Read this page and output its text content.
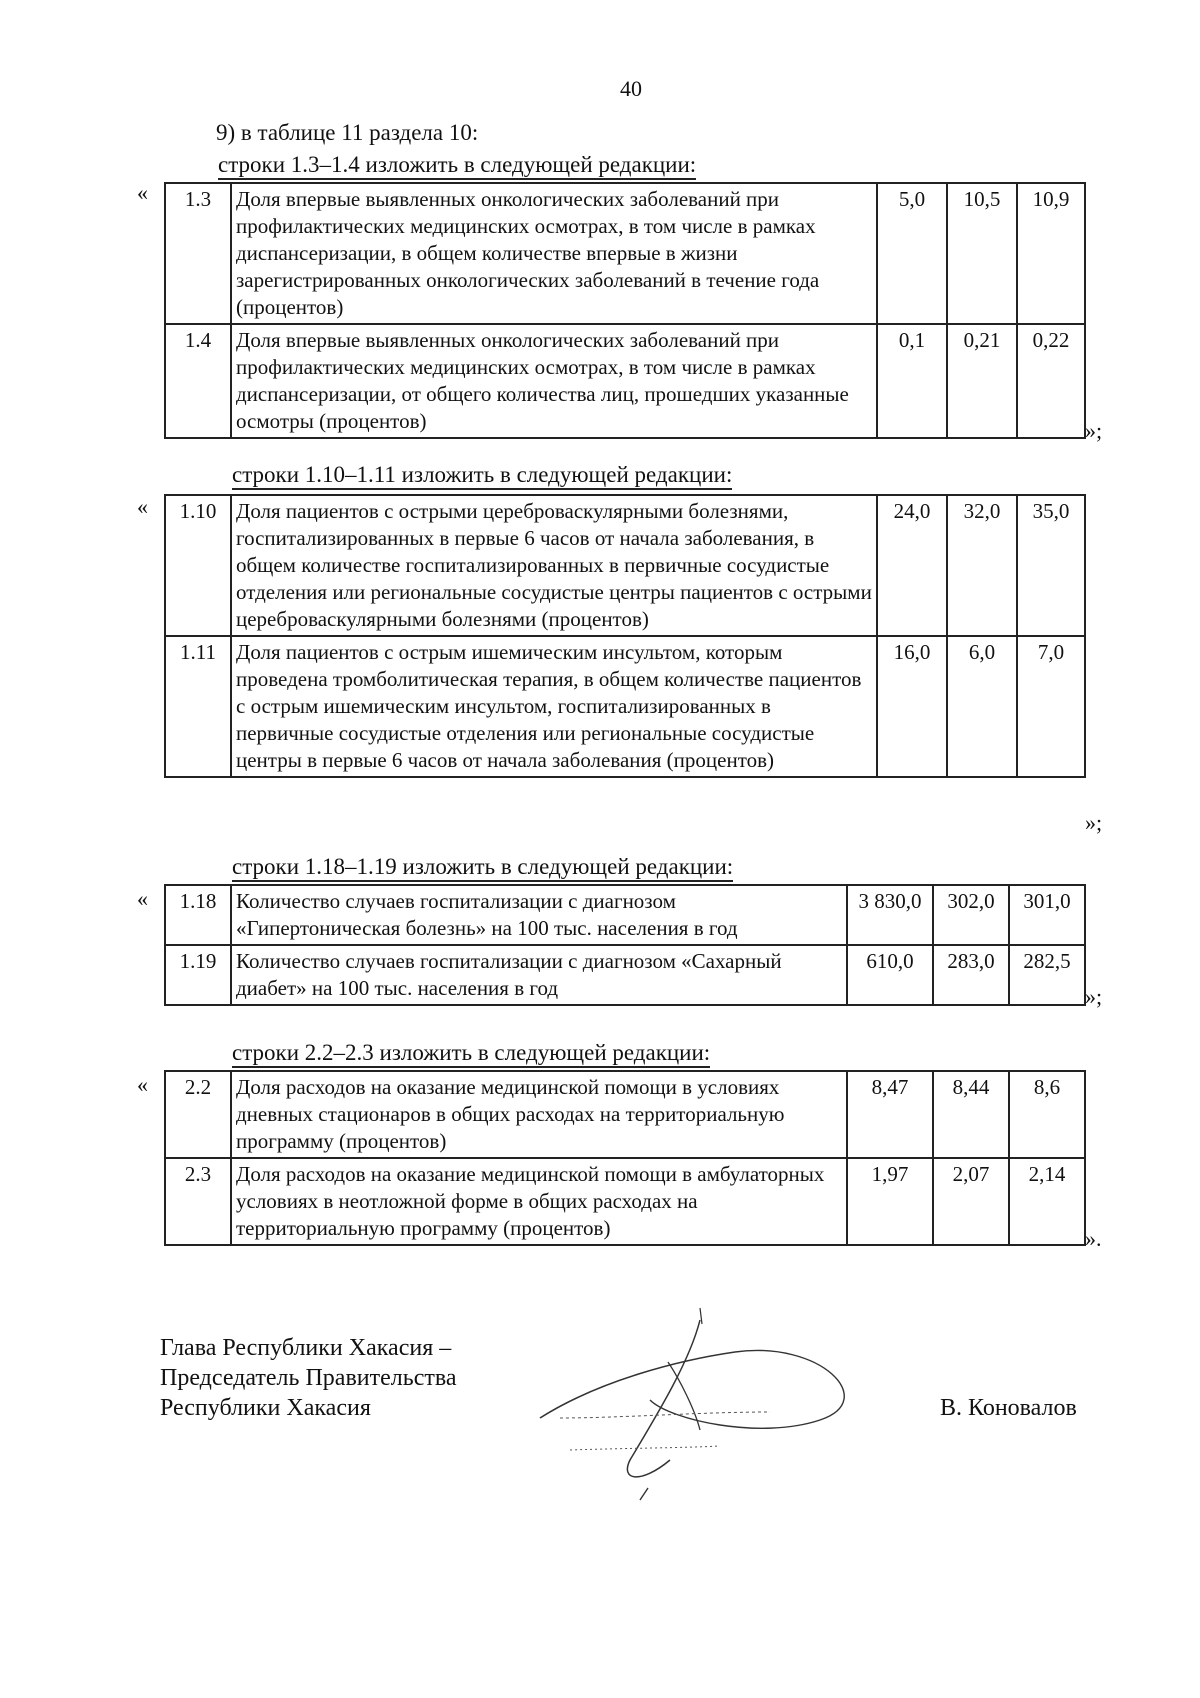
40
9) в таблице 11 раздела 10:
строки 1.3–1.4 изложить в следующей редакции:
« 1.3	Доля впервые выявленных онкологических заболеваний при профилактических медицинских осмотрах, в том числе в рамках диспансеризации, в общем количестве впервые в жизни зарегистрированных онкологических заболеваний в течение года (процентов)	5,0	10,5	10,9
1.4	Доля впервые выявленных онкологических заболеваний при профилактических медицинских осмотрах, в том числе в рамках диспансеризации, от общего количества лиц, прошедших указанные осмотры (процентов)	0,1	0,21	0,22
»;
строки 1.10–1.11 изложить в следующей редакции:
« 1.10	Доля пациентов с острыми цереброваскулярными болезнями, госпитализированных в первые 6 часов от начала заболевания, в общем количестве госпитализированных в первичные сосудистые отделения или региональные сосудистые центры пациентов с острыми цереброваскулярными болезнями (процентов)	24,0	32,0	35,0
1.11	Доля пациентов с острым ишемическим инсультом, которым проведена тромболитическая терапия, в общем количестве пациентов с острым ишемическим инсультом, госпитализированных в первичные сосудистые отделения или региональные сосудистые центры в первые 6 часов от начала заболевания (процентов)	16,0	6,0	7,0
»;
строки 1.18–1.19 изложить в следующей редакции:
« 1.18	Количество случаев госпитализации с диагнозом «Гипертоническая болезнь» на 100 тыс. населения в год	3 830,0	302,0	301,0
1.19	Количество случаев госпитализации с диагнозом «Сахарный диабет» на 100 тыс. населения в год	610,0	283,0	282,5
»;
строки 2.2–2.3 изложить в следующей редакции:
« 2.2	Доля расходов на оказание медицинской помощи в условиях дневных стационаров в общих расходах на территориальную программу (процентов)	8,47	8,44	8,6
2.3	Доля расходов на оказание медицинской помощи в амбулаторных условиях в неотложной форме в общих расходах на территориальную программу (процентов)	1,97	2,07	2,14
».
Глава Республики Хакасия –
Председатель Правительства
Республики Хакасия	В. Коновалов
